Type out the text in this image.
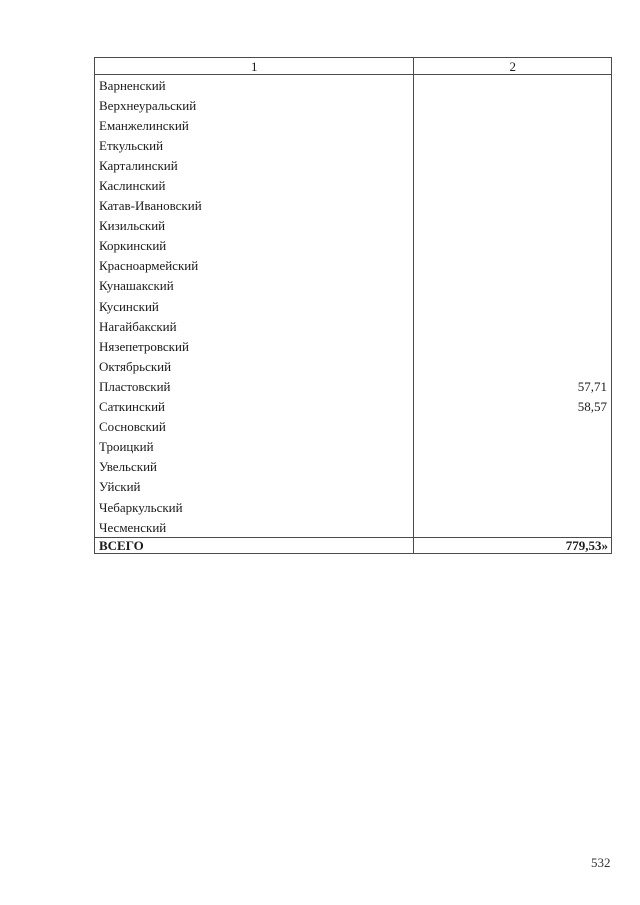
1	2
Варненский	
Верхнеуральский	
Еманжелинский	
Еткульский	
Карталинский	
Каслинский	
Катав-Ивановский	
Кизильский	
Коркинский	
Красноармейский	
Кунашакский	
Кусинский	
Нагайбакский	
Нязепетровский	
Октябрьский	
Пластовский	57,71
Саткинский	58,57
Сосновский	
Троицкий	
Увельский	
Уйский	
Чебаркульский	
Чесменский	
ВСЕГО	779,53»
532
